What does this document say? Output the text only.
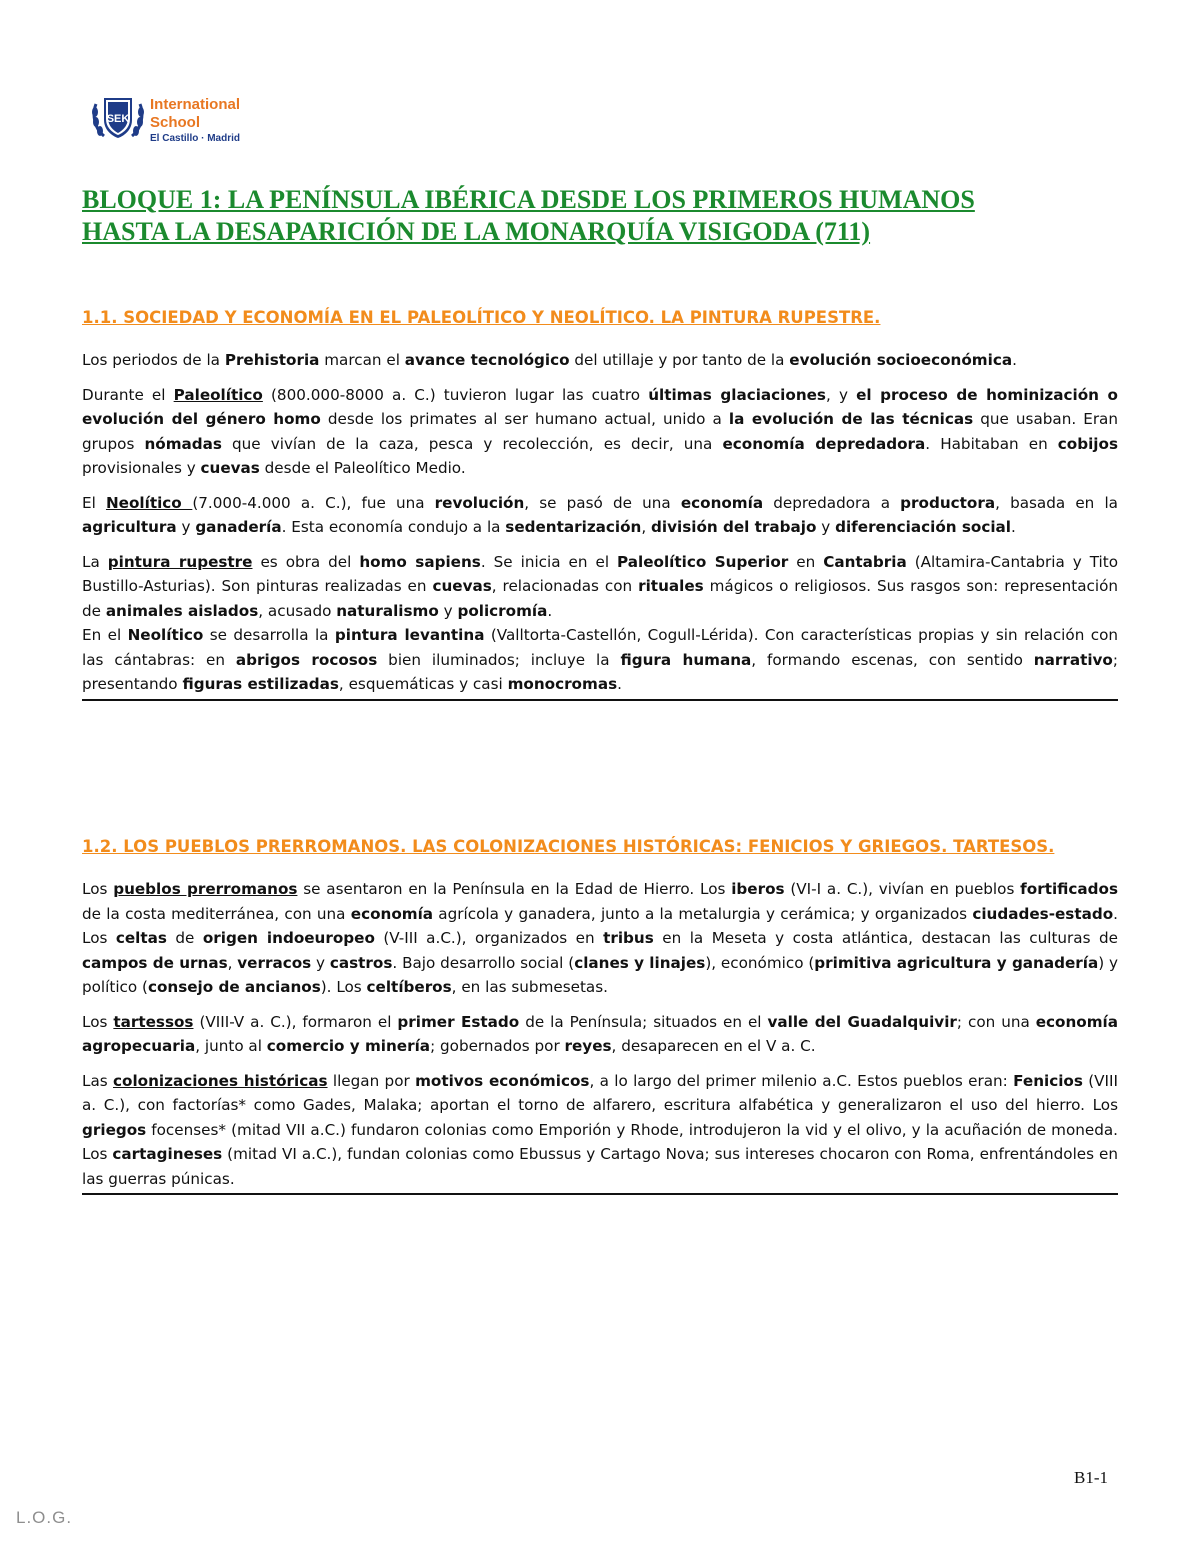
SEK
International
School
El Castillo · Madrid
BLOQUE 1: LA PENÍNSULA IBÉRICA DESDE LOS PRIMEROS HUMANOS
HASTA LA DESAPARICIÓN DE LA MONARQUÍA VISIGODA (711)
1.1. SOCIEDAD Y ECONOMÍA EN EL PALEOLÍTICO Y NEOLÍTICO. LA PINTURA RUPESTRE.

Los periodos de la Prehistoria marcan el avance tecnológico del utillaje y por tanto de la evolución socioeconómica.

Durante el Paleolítico (800.000-8000 a. C.) tuvieron lugar las cuatro últimas glaciaciones, y el proceso de hominización o evolución del género homo desde los primates al ser humano actual, unido a la evolución de las técnicas que usaban. Eran grupos nómadas que vivían de la caza, pesca y recolección, es decir, una economía depredadora. Habitaban en cobijos provisionales y cuevas desde el Paleolítico Medio.

El Neolítico (7.000-4.000 a. C.), fue una revolución, se pasó de una economía depredadora a productora, basada en la agricultura y ganadería. Esta economía condujo a la sedentarización, división del trabajo y diferenciación social.

La pintura rupestre es obra del homo sapiens. Se inicia en el Paleolítico Superior en Cantabria (Altamira-Cantabria y Tito Bustillo-Asturias). Son pinturas realizadas en cuevas, relacionadas con rituales mágicos o religiosos. Sus rasgos son: representación de animales aislados, acusado naturalismo y policromía.

En el Neolítico se desarrolla la pintura levantina (Valltorta-Castellón, Cogull-Lérida). Con características propias y sin relación con las cántabras: en abrigos rocosos bien iluminados; incluye la figura humana, formando escenas, con sentido narrativo; presentando figuras estilizadas, esquemáticas y casi monocromas.

1.2. LOS PUEBLOS PRERROMANOS. LAS COLONIZACIONES HISTÓRICAS: FENICIOS Y GRIEGOS. TARTESOS.

Los pueblos prerromanos se asentaron en la Península en la Edad de Hierro. Los iberos (VI-I a. C.), vivían en pueblos fortificados de la costa mediterránea, con una economía agrícola y ganadera, junto a la metalurgia y cerámica; y organizados ciudades-estado. Los celtas de origen indoeuropeo (V-III a.C.), organizados en tribus en la Meseta y costa atlántica, destacan las culturas de campos de urnas, verracos y castros. Bajo desarrollo social (clanes y linajes), económico (primitiva agricultura y ganadería) y político (consejo de ancianos). Los celtíberos, en las submesetas.

Los tartessos (VIII-V a. C.), formaron el primer Estado de la Península; situados en el valle del Guadalquivir; con una economía agropecuaria, junto al comercio y minería; gobernados por reyes, desaparecen en el V a. C.

Las colonizaciones históricas llegan por motivos económicos, a lo largo del primer milenio a.C. Estos pueblos eran: Fenicios (VIII a. C.), con factorías* como Gades, Malaka; aportan el torno de alfarero, escritura alfabética y generalizaron el uso del hierro. Los griegos focenses* (mitad VII a.C.) fundaron colonias como Emporión y Rhode, introdujeron la vid y el olivo, y la acuñación de moneda. Los cartagineses (mitad VI a.C.), fundan colonias como Ebussus y Cartago Nova; sus intereses chocaron con Roma, enfrentándoles en las guerras púnicas.

L.O.G.
B1-1
